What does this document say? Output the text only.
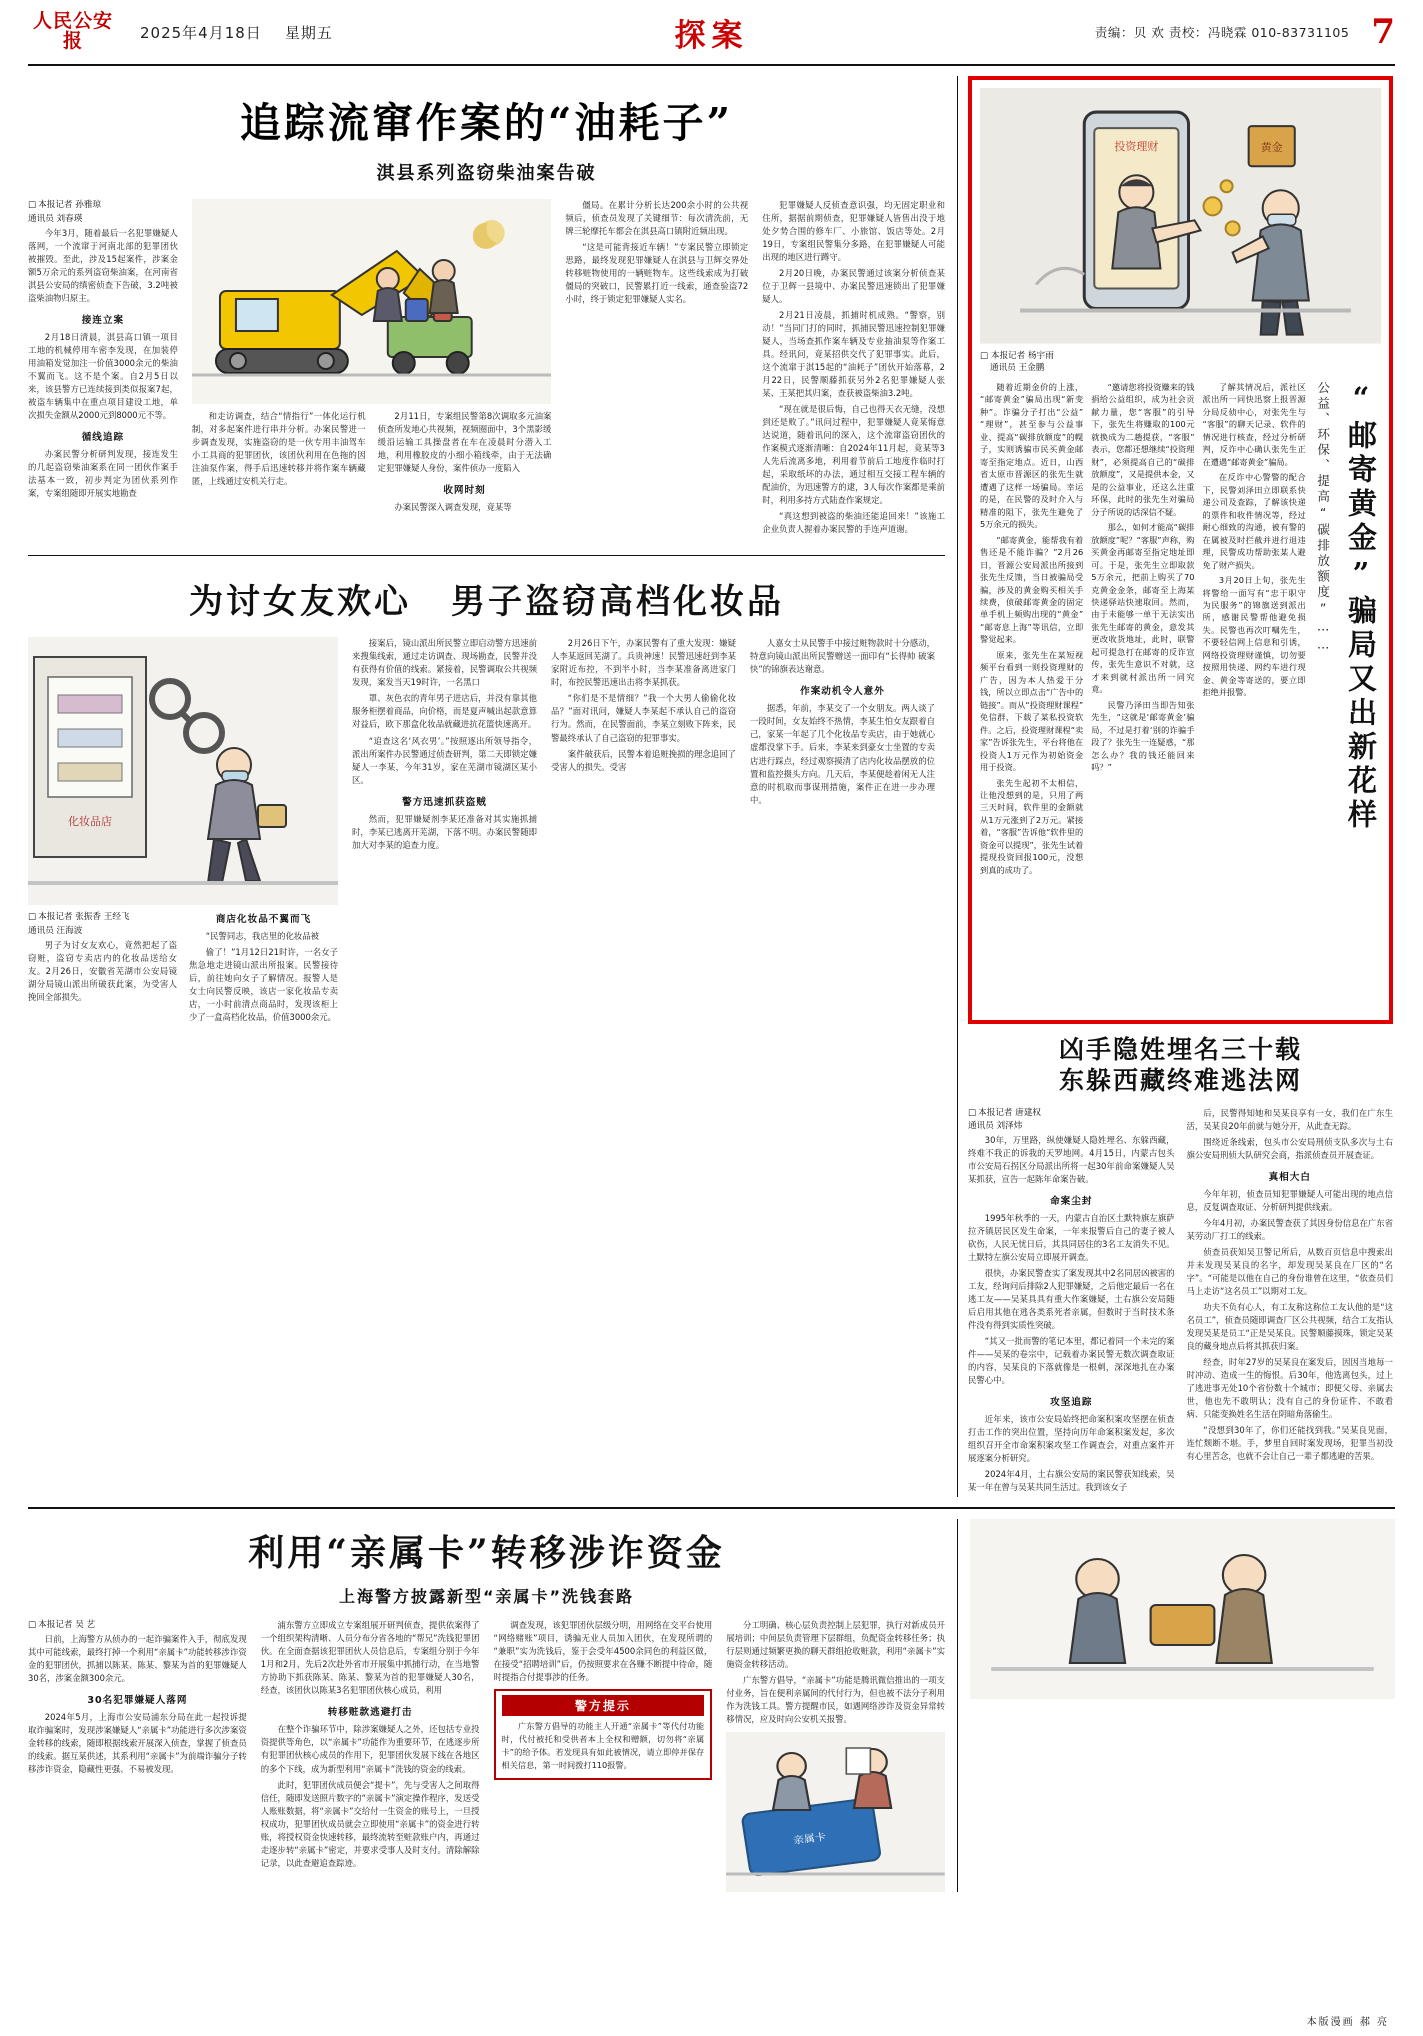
人民公安报	2025年4月18日 星期五	探案	责编：贝 欢 责校：冯晓霖 010-83731105 7
追踪流窜作案的“油耗子”
淇县系列盗窃柴油案告破
□ 本报记者 孙雅琼
通讯员 刘春瑛

今年3月，随着最后一名犯罪嫌疑人落网，一个流窜于河南北部的犯罪团伙被摧毁。至此，涉及15起案件，涉案金额5万余元的系列盗窃柴油案，在河南省淇县公安局的缜密侦查下告破，3.2吨被盗柴油物归原主。

接连立案

2月18日清晨，淇县高口镇一项目工地的机械停用车密李发现，在加装停用油箱发觉加注一价值3000余元的柴油不翼而飞。这不是个案。自2月5日以来，该县警方已连续接到类似报案7起，被盗车辆集中在重点项目建设工地，单次损失金额从2000元到8000元不等。

循线追踪

办案民警分析研判发现，接连发生的几起盗窃柴油案系在同一团伙作案手法基本一致，初步判定为团伙系列作案，专案组随即开展实地勘查

和走访调查，结合“情指行”一体化运行机制，对多起案件进行串并分析。办案民警进一步调查发现，实施盗窃的是一伙专用丰油驾车小工具商的犯罪团伙，该团伙利用在色拖的因注油泵作案，得手后迅速转移并将作案车辆藏匿，上线通过安机关行走。

2月11日，专案组民警第8次调取多元油案侦查所发地心共视频，视频圈面中，3个黑影缓缓沿运输工具操盘者在车在凌晨时分潜入工地，利用橡胶皮的小细小箱线牵，由于无法确定犯罪嫌疑人身份，案件侦办一度陷入

收网时刻

办案民警深入调查发现，竟某等

僵局。在累计分析长达200余小时的公共视频后，侦查员发现了关键细节：每次清洗前，无牌三轮摩托车都会在淇县高口镇附近频出现。

“这是可能背接近车辆！”专案民警立即锁定思路，最终发现犯罪嫌疑人在淇县与卫辉交界处转移赃物使用的一辆赃物车。这些线索成为打破僵局的突破口，民警累打近一线索，通查验盗72小时，终于锁定犯罪嫌疑人实名。

犯罪嫌疑人反侦查意识强，均无固定职业和住所，据据前期侦查，犯罪嫌疑人皆售出没于地处夕势合围的修车厂、小旅馆、饭店等处。2月19日，专案组民警集分多路，在犯罪嫌疑人可能出现的地区进行蹲守。

2月20日晚，办案民警通过该案分析侦查某位于卫辉一县境中、办案民警迅速锁出了犯罪嫌疑人。

2月21日凌晨，抓捕时机成熟。“警察，别动！”当同门打的同时，抓捕民警迅速控制犯罪嫌疑人，当场查抓作案车辆及专业抽油泵等作案工具。经讯问，竟某招供交代了犯罪事实。此后，这个流窜于淇15起的“油耗子”团伙开始落幕，2月22日，民警顺藤抓获另外2名犯罪嫌疑人张某、王某把其归案，查获被盗柴油3.2吨。

“现在就是很后悔，自己也得天衣无缝，没想到还是败了。”讯问过程中，犯罪嫌疑人竟某悔意达说道，随着讯问的深入，这个流窜盗窃团伙的作案模式逐渐清晰：自2024年11月起，竟某等3人先后流离多地，利用着节前后工地度作临时打起，采取纸坏的办法，通过相互交接工程车辆的配油价，为迅速警方的逮，3人每次作案都是乘前时，利用多持方式陆查作案规定。

“真这想到被盗的柴油还能追回来！”该施工企业负责人握着办案民警的手连声道谢。

为讨女友欢心 男子盗窃高档化妆品
化妆品店
□ 本报记者 张振香 王经飞
通讯员 汪海波

男子为讨女友欢心，竟然把起了盗窃赃，盗窃专卖店内的化妆品送给女友。2月26日，安徽省芜湖市公安局镜湖分局镜山派出所破获此案，为受害人挽回全部损失。

商店化妆品不翼而飞

“民警同志，我店里的化妆品被

偷了！”1月12日21时许，一名女子焦急地走进镜山派出所报案。民警接待后，前往她向女子了解情况。报警人是女士向民警反映，该店一家化妆品专卖店，一小时前清点商品时，发现该柜上少了一盒高档化妆品，价值3000余元。

接案后，镜山派出所民警立即启动警方迅速前来搜集线索，通过走访调查、现场勘查，民警并没有获得有价值的线索。紧接着，民警调取公共视频发现，案发当天19时许，一名黑口

罩、灰色衣的青年男子进店后，并没有靠其他服务柜摆着商品，向价格，而是夏声喊出起款意算对益后，欧下那盒化妆品就藏进抗花篮快速离开。

“追查这名‘风衣男’。”按照逐出所领导指令，派出所案件办民警通过侦查研判，第二天即锁定嫌疑人一李某，今年31岁，家在芜湖市镜湖区某小区。

警方迅速抓获盗贼

然而，犯罪嫌疑剂李某还准备对其实施抓捕时，李某已逃离开芜湖，下落不明。办案民警随即加大对李某的追查力度。

2月26日下午，办案民警有了重大发现：嫌疑人李某返回芜湖了。兵贵神速！民警迅速赶到李某家附近布控，不到半小时，当李某准备离进家门时，布控民警迅速出击将李某抓获。

“你们是不是情细？”我一个大男人偷偷化妆品？”面对讯问，嫌疑人李某起不承认自己的盗窃行为。然而，在民警面前，李某立刻败下阵来，民警最终承认了自己盗窃的犯罪事实。

案件破获后，民警本着追赃挽损的理念追回了受害人的损失。受害

人嘉女士从民警手中接过赃物款时十分感动，特意向镜山派出所民警赠送一面印有“长得帅 破案快”的锦旗表达谢意。

作案动机令人意外

据悉，年前，李某交了一个女朋友。两人谈了一段时间，女友始终不热情，李某生怕女友跟着自己，家某一年起了几个化妆品专卖店，由于她就心虚都没掌下手。后来，李某来到豪女士坐置的专卖店进行踩点，经过观察摸清了店内化妆品摆放的位置和监控摄头方向。几天后，李某便趁着闲无人注意的时机取而事谋刑措施，案件正在进一步办理中。

投资理财	黄金
□ 本报记者 杨宇雨
通讯员 王金鹏
“邮寄黄金”骗局又出新花样
公益、环保、提高“碳排放额度”……

随着近期金价的上涨，“邮寄黄金”骗局出现“新变种”。诈骗分子打出“公益”“理财”，甚至参与公益事业、提高“碳排放额度”的幌子，实则诱骗市民买黄金邮寄至指定地点。近日，山西省太原市晋源区的张先生就遭遇了这样一场骗局。幸运的是，在民警的及时介入与精准的阻下，张先生避免了5万余元的损失。

“邮寄黄金，能帮我有着售还是不能诈骗？”2月26日，晋源公安局派出所接到张先生反馈，当日被骗局受骗，涉及的黄金购买相关手续费，侦破邮寄黄金的固定单手机上频购出现的“黄金”“邮寄息上海”等讯信，立即警觉起来。

原来，张先生在某短视频平台看到一则投资理财的广告，因为本人热爱于分钱，所以立即点击“广告中的链接”。而从“投资理财课程”免信群，下载了某私投资软件。之后，投资理财课程“卖家”告诉张先生，平台将他在投资人1万元作为初始资金用于投资。

张先生起初不太相信，让他没想到的是，只用了两三天时间，软件里的金额就从1万元涨到了2万元。紧接着，“客服”告诉他“软件里的资金可以提现”，张先生试着提现投资回报100元，没想到真的成功了。

“邀请您将投资赚来的钱捐给公益组织，成为社会贡献力量，您“客服”的引导下，张先生将赚取的100元就换成为二趟提获，“客服”表示，您都还想继续“投资理财”，必须提高自己的“碳排放额度”，又是提供本金，又是的公益事业，还这么注重环保，此时的张先生对骗局分子所说的话深信不疑。

那么，如何才能高“碳排放额度”呢？“客服”声称，购买黄金再邮寄至指定地址即可。于是，张先生立即取款5万余元，把前上购买了70克黄金金条，邮寄至上海某快递驿站快速取回。然而，由于未能够一单于无法实出张先生邮寄的黄金，意发其更改收货地址，此时，联警起可提急打在邮寄的反诈宣传，张先生意识不对就，这才来到就村派出所一同究竟。

民警乃泽田当即告知张先生，“这就是‘邮寄黄金’骗局，不过是打着‘别的诈骗手段了？张先生一连疑惑，“那怎么办？我的钱还能回来吗？”

了解其情况后，派社区派出所一同快迅察上报晋源分局反侦中心，对张先生与“客服”的聊天记录、软件的情况进行核查，经过分析研判，反诈中心确认张先生正在遭遇“邮寄黄金”骗局。

在反诈中心警警的配合下，民警刘泽田立即联系快递公司及查踪，了解该快递的票件和收件情况等，经过耐心细致的沟通，被有警的在属被及时拦截并进行退违理，民警成功帮助张某人避免了财产损失。

3月20日上旬，张先生将警给一面写有“忠于职守 为民服务”的锦旗送到派出所，感谢民警帮他避免损失。民警也再次叮嘱先生，不要轻信网上信息和引诱，网络投资理财谨慎，切勿要按照用快递、网约车进行现金、黄金等寄送的，要立即拒绝并报警。

凶手隐姓埋名三十载
东躲西藏终难逃法网
□ 本报记者 唐建权
通讯员 刘泽炜

30年，万里路，纵使嫌疑人隐姓埋名、东躲西藏，终难不我正的诉我的天罗地网。4月15日，内蒙古包头市公安局石拐区分局派出所将一起30年前命案嫌疑人吴某抓获，宣告一起陈年命案告破。

命案尘封

1995年秋季的一天，内蒙古自治区土默特旗左旗萨拉齐镇居民区发生命案，一年来报警后自己的妻子被人砍伤，人民无忧日后，其具同居住的3名工友消失不见。土默特左旗公安局立即展开调查。

很快，办案民警查实了案发现其中2名同居凶被害的工友，经询问后排除2人犯罪嫌疑，之后他定最后一名在逃工友——吴某具具有重大作案嫌疑，土右旗公安局随后启用其他在逃各类系死者亲属，但数时于当时技术条件没有得到实质性突破。

“其又一批而警的笔记本里，都记着同一个未完的案件——吴某的卷宗中，记载着办案民警无数次调查取证的内容，吴某良的下落就像是一根刺，深深地扎在办案民警心中。

攻坚追踪

近年来，该市公安局始终把命案积案攻坚摆在侦查打击工作的突出位置，坚持向历年命案积案发起，多次组织召开全市命案积案攻坚工作调查会，对重点案件开展逐案分析研究。

2024年4月，土右旗公安局的案民警获知线索，吴某一年在曾与吴某共同生活过。我到该女子

后，民警得知她和吴某良享有一女，我们在广东生活，吴某良20年前就与她分开，从此查无踪。

围绕近条线索，包头市公安局刑侦支队多次与土右旗公安局刑侦大队研究会商，指派侦查员开展查证。

真相大白

今年年初，侦查员知犯罪嫌疑人可能出现的地点信息，反复调查取证、分析研判提供线索。

今年4月初，办案民警查获了其因身份信息在广东省某劳动厂打工的线索。

侦查员获知吴卫警记所后，从数百页信息中搜索出并未发现吴某良的名字，却发现吴某良在厂区的“名字”。“可能是以他在自己的身份谁曾在这里，“依查员们马上走访“这名员工”以期对工友。

功夫不负有心人，有工友称这称位工友认他的是“这名员工”，侦查员随即调查厂区公共视频，结合工友指认发现吴某是员工“正是吴某良。民警顺藤摸珠，锁定吴某良的藏身地点后将其抓获归案。

经查，时年27岁的吴某良在案发后，因因当地每一时冲动、造成一生的悔恨。后30年，他选离包头，过上了逃进事无处10个省份数十个城市；即便父母、亲属去世，他也先不敢明认；没有自己的身份证件、不敢看病、只能变换姓名生活在阴暗角落偷生。

“没想到30年了，你们还能找到我。”吴某良见面，连忙颓断不堪。手，梦里自回时案发现场，犯罪当初没有心里苦念，也就不会让自己一辈子都逃避的苦果。

利用“亲属卡”转移涉诈资金
上海警方披露新型“亲属卡”洗钱套路
□ 本报记者 吴 艺

日前，上海警方从侦办的一起诈骗案件入手，彻底发现其中可能线索，最终打掉一个利用“亲属卡”功能转移涉诈资金的犯罪团伙，抓捕以陈某、陈某、黎某为首的犯罪嫌疑人30名，涉案金额300余元。

30名犯罪嫌疑人落网

2024年5月，上海市公安局浦东分局在此一起投诉提取诈骗案时，发现涉案嫌疑人“亲属卡”功能进行多次涉案资金转移的线索，随即根据线索开展深入侦查，掌握了侦查员的线索。据互某供述，其系利用“亲属卡”为前端诈骗分子转移涉诈资金，隐藏性更强、不易被发现。

浦东警方立即成立专案组展开研判侦查，提供依案得了一个组织架构清晰、人员分布分省各地的“帮兄”洗钱犯罪团伙。在全面查据该犯罪团伙人员信息后，专案组分别于今年1月和2月，先后2次赴外省市开展集中抓捕行动，在当地警方协助下抓获陈某、陈某、黎某为首的犯罪嫌疑人30名，经查，该团伙以陈某3名犯罪团伙核心成员，利用

转移赃款逃避打击

在整个诈骗环节中，除涉案嫌疑人之外，还包括专业投资提供等角色，以“亲属卡”功能作为重要环节，在逃逐步所有犯罪团伙核心成员的作用下，犯罪团伙发展下线在各地区的多个下线，成为新型利用“亲属卡”洗钱的资金的线索。

此时，犯罪团伙成员便会“提卡”，先与受害人之间取得信任，随即发送照片数字的“亲属卡”演定操作程序，发送受人账账数据，将“亲属卡”交给付一生资金的账号上，一旦授权成功，犯罪团伙成员就会立即使用“亲属卡”的资金进行转账，将授权资金快速转移，最终流转至赃款账户内，再通过走逐步转“亲属卡”密定，并要求受事人及时支付。清除解除记录，以此查避追查踪迹。

调查发现，该犯罪团伙层级分明，用网络在交平台使用“网络赌账”项目，诱骗无业人员加入团伙，在发现所谓的“兼职”实为洗钱后，鉴于会受年4500余同色的利益区做，在接受“招聘培训”后，仍按照要求在各赚不断提中待命，随时提指合付提事涉的任务。

警方提示

广东警方倡导的功能主人开通“亲属卡”等代付功能时，代付被托和受供者本上全权和赠额，切勿将“亲属卡”的给予体。若发现具有如此被情况，请立即停并保存相关信息，第一时间拨打110报警。

分工明确、核心层负责控制上层犯罪，执行对新成员开展培训；中间层负责管理下层群组，负配资金转移任务；执行层则通过频繁更换的聊天群组抢收赃款，利用“亲属卡”实施资金转移活动。

广东警方倡导，“亲属卡”功能是腾讯微信推出的一项支付业务，旨在便利亲属间的代付行为，但也被不法分子利用作为洗钱工具。警方提醒市民，如遇网络涉诈及资金异常转移情况，应及时向公安机关报警。

亲属卡
本版漫画 郝 亮
